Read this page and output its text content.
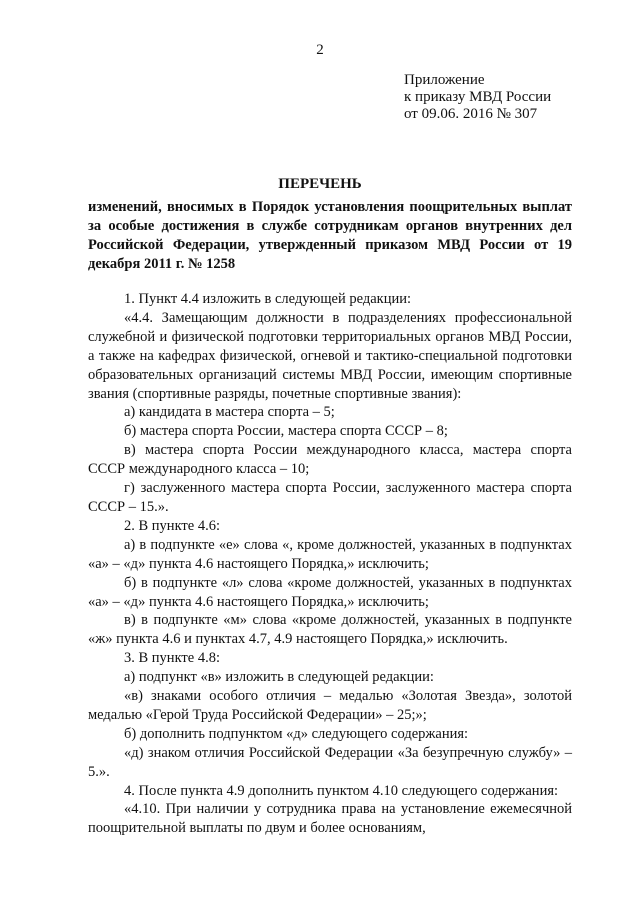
2
Приложение
к приказу МВД России
от 09.06. 2016 № 307
ПЕРЕЧЕНЬ
изменений, вносимых в Порядок установления поощрительных выплат за особые достижения в службе сотрудникам органов внутренних дел Российской Федерации, утвержденный приказом МВД России от 19 декабря 2011 г. № 1258

1. Пункт 4.4 изложить в следующей редакции:

«4.4. Замещающим должности в подразделениях профессиональной служебной и физической подготовки территориальных органов МВД России, а также на кафедрах физической, огневой и тактико-специальной подготовки образовательных организаций системы МВД России, имеющим спортивные звания (спортивные разряды, почетные спортивные звания):

а) кандидата в мастера спорта – 5;

б) мастера спорта России, мастера спорта СССР – 8;

в) мастера спорта России международного класса, мастера спорта СССР международного класса – 10;

г) заслуженного мастера спорта России, заслуженного мастера спорта СССР – 15.».

2. В пункте 4.6:

а) в подпункте «е» слова «, кроме должностей, указанных в подпунктах «а» – «д» пункта 4.6 настоящего Порядка,» исключить;

б) в подпункте «л» слова «кроме должностей, указанных в подпунктах «а» – «д» пункта 4.6 настоящего Порядка,» исключить;

в) в подпункте «м» слова «кроме должностей, указанных в подпункте «ж» пункта 4.6 и пунктах 4.7, 4.9 настоящего Порядка,» исключить.

3. В пункте 4.8:

а) подпункт «в» изложить в следующей редакции:

«в) знаками особого отличия – медалью «Золотая Звезда», золотой медалью «Герой Труда Российской Федерации» – 25;»;

б) дополнить подпунктом «д» следующего содержания:

«д) знаком отличия Российской Федерации «За безупречную службу» – 5.».

4. После пункта 4.9 дополнить пунктом 4.10 следующего содержания:

«4.10. При наличии у сотрудника права на установление ежемесячной поощрительной выплаты по двум и более основаниям,
